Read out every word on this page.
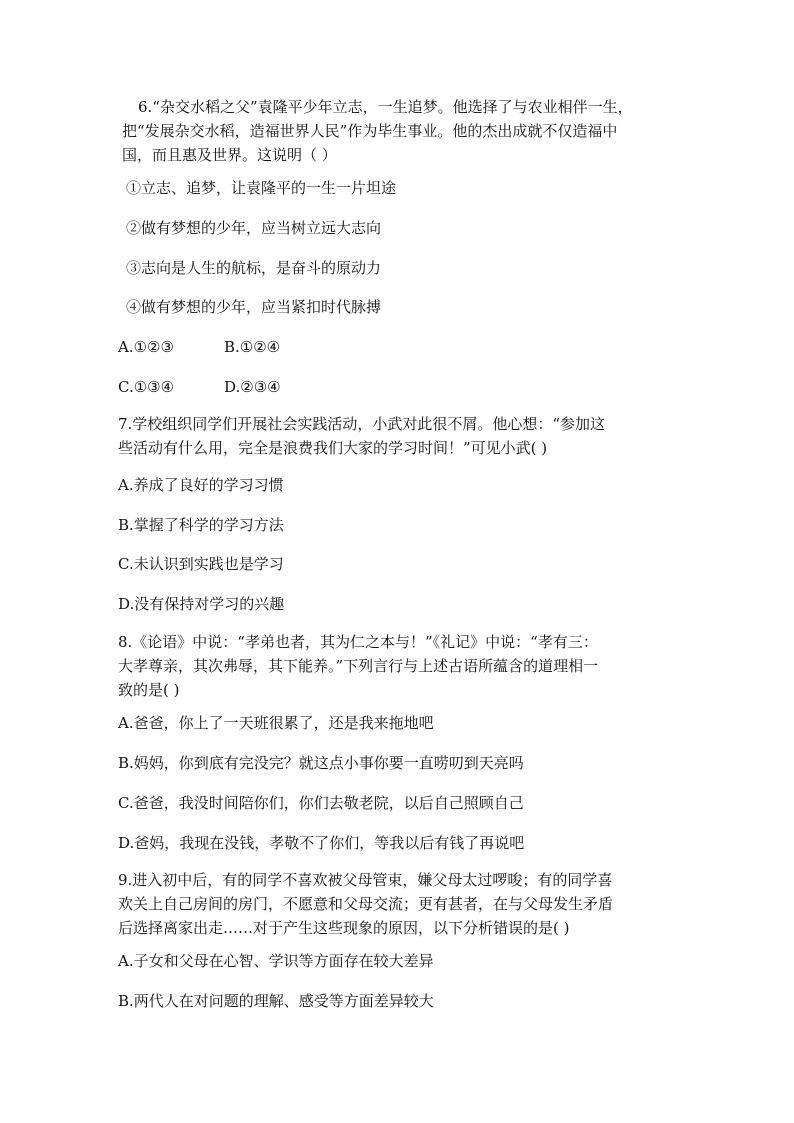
6.“杂交水稻之父”袁隆平少年立志，一生追梦。他选择了与农业相伴一生，
把“发展杂交水稻，造福世界人民”作为毕生事业。他的杰出成就不仅造福中
国，而且惠及世界。这说明（ ）
①立志、追梦，让袁隆平的一生一片坦途
②做有梦想的少年，应当树立远大志向
③志向是人生的航标，是奋斗的原动力
④做有梦想的少年，应当紧扣时代脉搏
A.①②③	B.①②④
C.①③④	D.②③④
7.学校组织同学们开展社会实践活动，小武对此很不屑。他心想：“参加这
些活动有什么用，完全是浪费我们大家的学习时间！”可见小武( )
A.养成了良好的学习习惯
B.掌握了科学的学习方法
C.未认识到实践也是学习
D.没有保持对学习的兴趣
8.《论语》中说：“孝弟也者，其为仁之本与！”《礼记》中说：“孝有三：
大孝尊亲，其次弗辱，其下能养。”下列言行与上述古语所蕴含的道理相一
致的是( )
A.爸爸，你上了一天班很累了，还是我来拖地吧
B.妈妈，你到底有完没完？就这点小事你要一直唠叨到天亮吗
C.爸爸，我没时间陪你们，你们去敬老院，以后自己照顾自己
D.爸妈，我现在没钱，孝敬不了你们，等我以后有钱了再说吧
9.进入初中后，有的同学不喜欢被父母管束，嫌父母太过啰唆；有的同学喜
欢关上自己房间的房门，不愿意和父母交流；更有甚者，在与父母发生矛盾
后选择离家出走……对于产生这些现象的原因，以下分析错误的是( )
A.子女和父母在心智、学识等方面存在较大差异
B.两代人在对问题的理解、感受等方面差异较大
